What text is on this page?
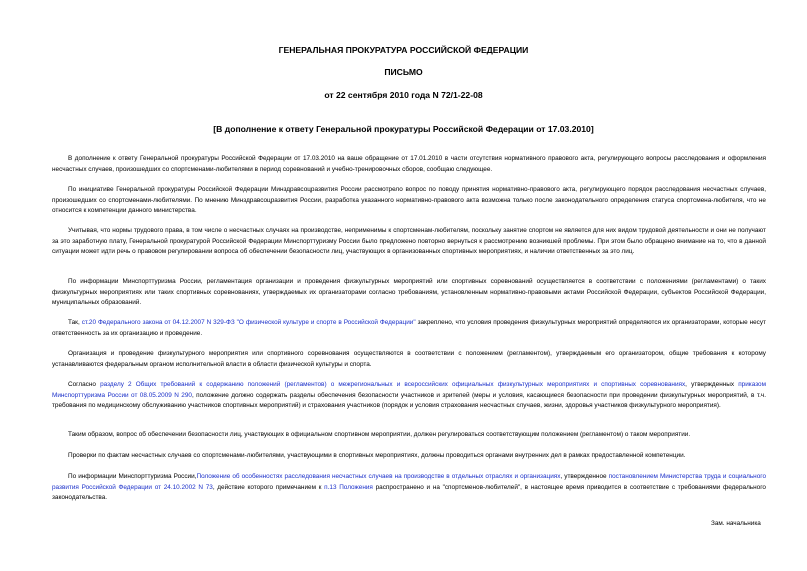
ГЕНЕРАЛЬНАЯ ПРОКУРАТУРА РОССИЙСКОЙ ФЕДЕРАЦИИ
ПИСЬМО
от 22 сентября 2010 года N 72/1-22-08
[В дополнение к ответу Генеральной прокуратуры Российской Федерации от 17.03.2010]

В дополнение к ответу Генеральной прокуратуры Российской Федерации от 17.03.2010 на ваше обращение от 17.01.2010 в части отсутствия нормативного правового акта, регулирующего вопросы расследования и оформления несчастных случаев, произошедших со спортсменами-любителями в период соревнований и учебно-тренировочных сборов, сообщаю следующее.

По инициативе Генеральной прокуратуры Российской Федерации Минздравсоцразвития России рассмотрело вопрос по поводу принятия нормативно-правового акта, регулирующего порядок расследования несчастных случаев, произошедших со спортсменами-любителями. По мнению Минздравсоцразвития России, разработка указанного нормативно-правового акта возможна только после законодательного определения статуса спортсмена-любителя, что не относится к компетенции данного министерства.

Учитывая, что нормы трудового права, в том числе о несчастных случаях на производстве, неприменимы к спортсменам-любителям, поскольку занятие спортом не является для них видом трудовой деятельности и они не получают за это заработную плату, Генеральной прокуратурой Российской Федерации Минспорттуризму России было предложено повторно вернуться к рассмотрению возникшей проблемы. При этом было обращено внимание на то, что в данной ситуации может идти речь о правовом регулировании вопроса об обеспечении безопасности лиц, участвующих в организованных спортивных мероприятиях, и наличии ответственных за это лиц.

По информации Минспорттуризма России, регламентация организации и проведения физкультурных мероприятий или спортивных соревнований осуществляется в соответствии с положениями (регламентами) о таких физкультурных мероприятиях или таких спортивных соревнованиях, утверждаемых их организаторами согласно требованиям, установленным нормативно-правовыми актами Российской Федерации, субъектов Российской Федерации, муниципальных образований.

Так, ст.20 Федерального закона от 04.12.2007 N 329-ФЗ "О физической культуре и спорте в Российской Федерации" закреплено, что условия проведения физкультурных мероприятий определяются их организаторами, которые несут ответственность за их организацию и проведение.

Организация и проведение физкультурного мероприятия или спортивного соревнования осуществляются в соответствии с положением (регламентом), утверждаемым его организатором, общие требования к которому устанавливаются федеральным органом исполнительной власти в области физической культуры и спорта.

Согласно разделу 2 Общих требований к содержанию положений (регламентов) о межрегиональных и всероссийских официальных физкультурных мероприятиях и спортивных соревнованиях, утвержденных приказом Минспорттуризма России от 08.05.2009 N 290, положение должно содержать разделы обеспечения безопасности участников и зрителей (меры и условия, касающиеся безопасности при проведении физкультурных мероприятий, в т.ч. требования по медицинскому обслуживанию участников спортивных мероприятий) и страхования участников (порядок и условия страхования несчастных случаев, жизни, здоровья участников физкультурного мероприятия).

Таким образом, вопрос об обеспечении безопасности лиц, участвующих в официальном спортивном мероприятии, должен регулироваться соответствующим положением (регламентом) о таком мероприятии.

Проверки по фактам несчастных случаев со спортсменами-любителями, участвующими в спортивных мероприятиях, должны проводиться органами внутренних дел в рамках предоставленной компетенции.

По информации Минспорттуризма России,Положение об особенностях расследования несчастных случаев на производстве в отдельных отраслях и организациях, утвержденное постановлением Министерства труда и социального развития Российской Федерации от 24.10.2002 N 73, действие которого примечанием к п.13 Положения распространено и на "спортсменов-любителей", в настоящее время приводится в соответствие с требованиями федерального законодательства.

Зам. начальника
